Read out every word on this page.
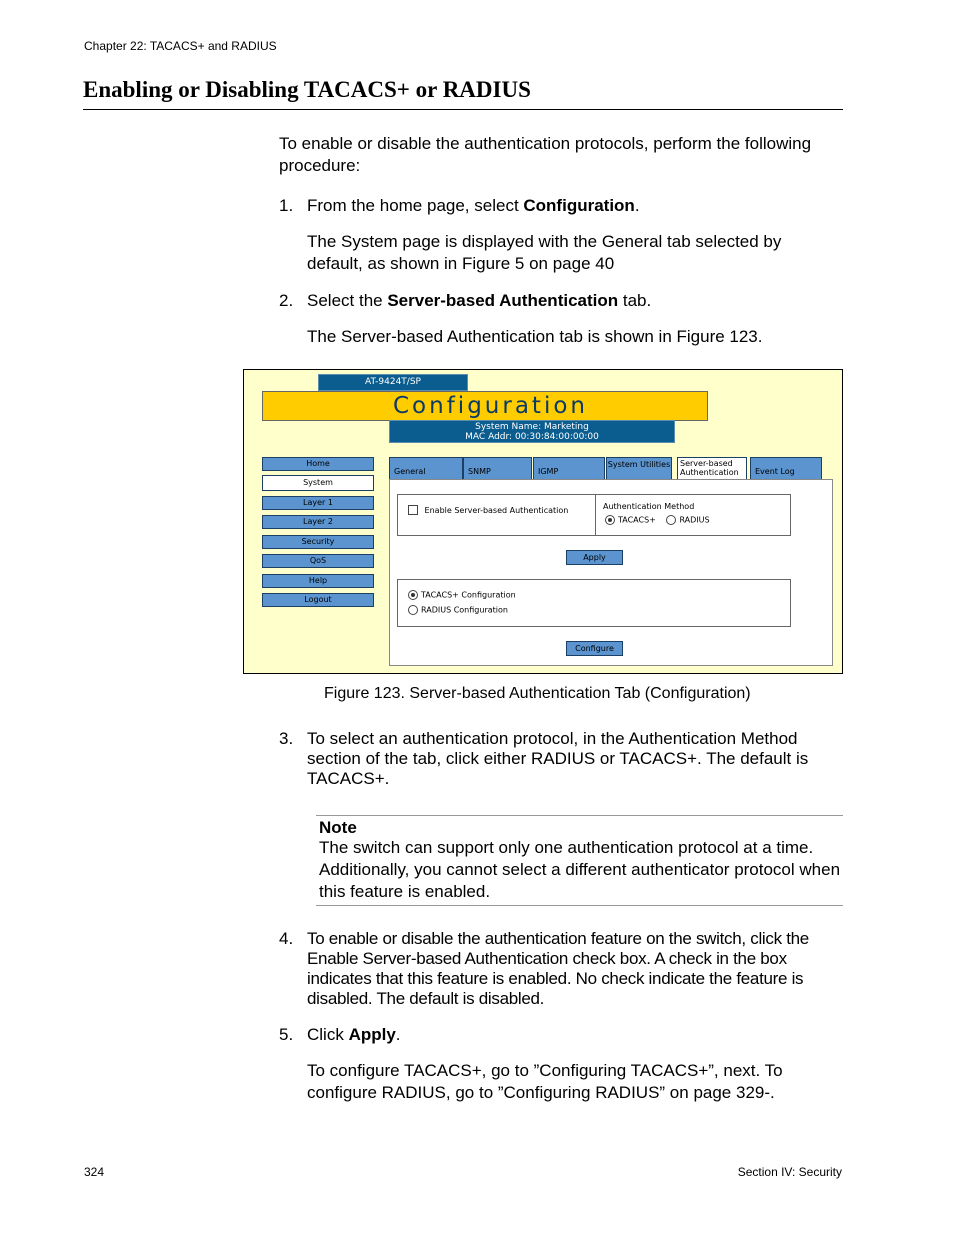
Chapter 22: TACACS+ and RADIUS
Enabling or Disabling TACACS+ or RADIUS
To enable or disable the authentication protocols, perform the following procedure:
1. From the home page, select Configuration.
The System page is displayed with the General tab selected by default, as shown in Figure 5 on page 40
2. Select the Server-based Authentication tab.
The Server-based Authentication tab is shown in Figure 123.
AT-9424T/SP
Configuration
System Name: Marketing
MAC Addr: 00:30:84:00:00:00
Home
System
Layer 1
Layer 2
Security
QoS
Help
Logout
General	SNMP	IGMP
System Utilities	Server-based Authentication	Event Log
Enable Server-based Authentication	Authentication Method
TACACS+	RADIUS
Apply
TACACS+ Configuration
RADIUS Configuration
Configure
Figure 123. Server-based Authentication Tab (Configuration)
3. To select an authentication protocol, in the Authentication Method section of the tab, click either RADIUS or TACACS+. The default is TACACS+.
Note
The switch can support only one authentication protocol at a time. Additionally, you cannot select a different authenticator protocol when this feature is enabled.
4. To enable or disable the authentication feature on the switch, click the Enable Server-based Authentication check box. A check in the box indicates that this feature is enabled. No check indicate the feature is disabled. The default is disabled.
5. Click Apply.
To configure TACACS+, go to ”Configuring TACACS+”, next. To configure RADIUS, go to ”Configuring RADIUS” on page 329-.
324	Section IV: Security
